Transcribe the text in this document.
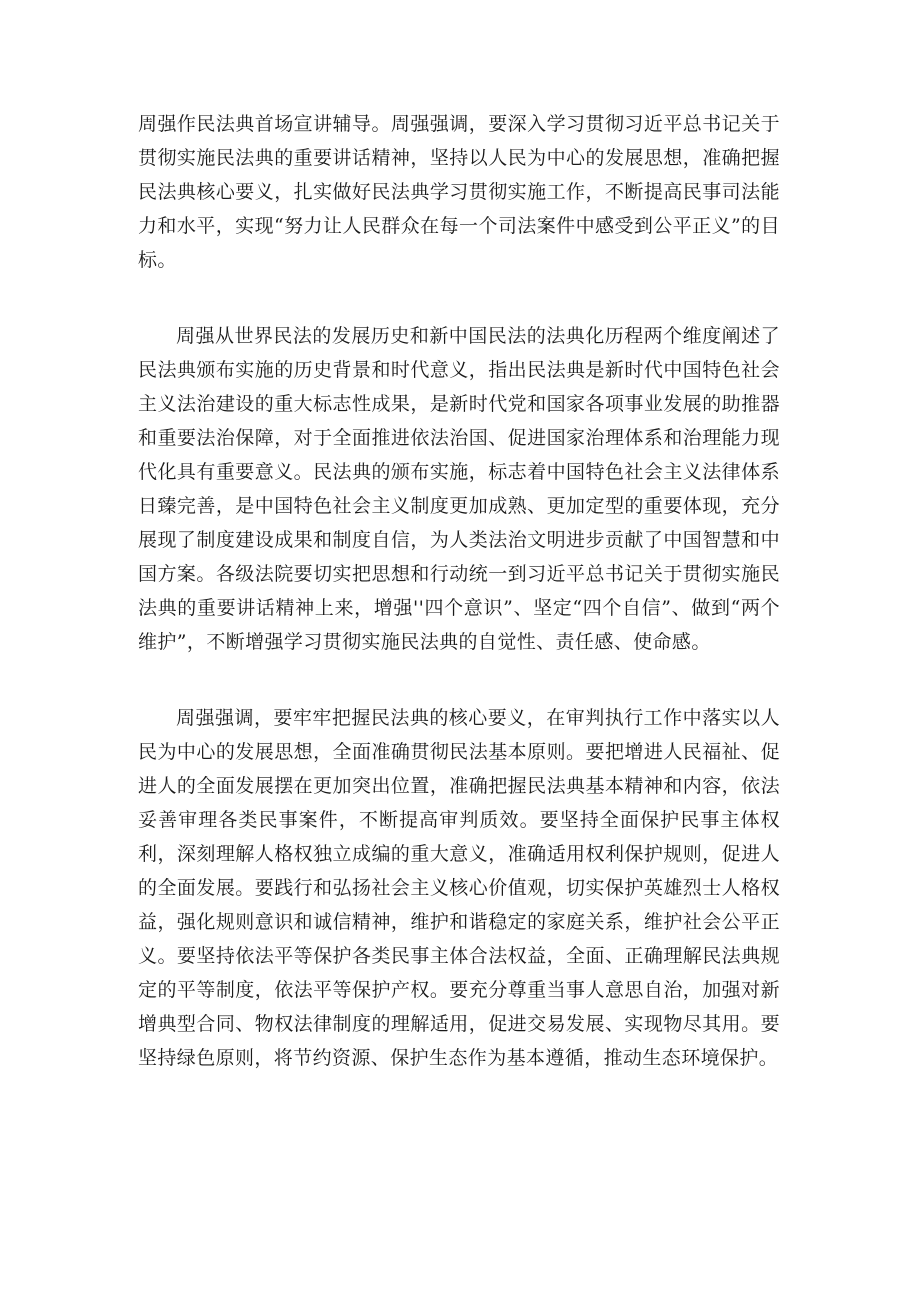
周强作民法典首场宣讲辅导。周强强调，要深入学习贯彻习近平总书记关于贯彻实施民法典的重要讲话精神，坚持以人民为中心的发展思想，准确把握民法典核心要义，扎实做好民法典学习贯彻实施工作，不断提高民事司法能力和水平，实现“努力让人民群众在每一个司法案件中感受到公平正义”的目标。

周强从世界民法的发展历史和新中国民法的法典化历程两个维度阐述了民法典颁布实施的历史背景和时代意义，指出民法典是新时代中国特色社会主义法治建设的重大标志性成果，是新时代党和国家各项事业发展的助推器和重要法治保障，对于全面推进依法治国、促进国家治理体系和治理能力现代化具有重要意义。民法典的颁布实施，标志着中国特色社会主义法律体系日臻完善，是中国特色社会主义制度更加成熟、更加定型的重要体现，充分展现了制度建设成果和制度自信，为人类法治文明进步贡献了中国智慧和中国方案。各级法院要切实把思想和行动统一到习近平总书记关于贯彻实施民法典的重要讲话精神上来，增强''四个意识”、坚定“四个自信”、做到“两个维护”，不断增强学习贯彻实施民法典的自觉性、责任感、使命感。

周强强调，要牢牢把握民法典的核心要义，在审判执行工作中落实以人民为中心的发展思想，全面准确贯彻民法基本原则。要把增进人民福祉、促进人的全面发展摆在更加突出位置，准确把握民法典基本精神和内容，依法妥善审理各类民事案件，不断提高审判质效。要坚持全面保护民事主体权利，深刻理解人格权独立成编的重大意义，准确适用权利保护规则，促进人的全面发展。要践行和弘扬社会主义核心价值观，切实保护英雄烈士人格权益，强化规则意识和诚信精神，维护和谐稳定的家庭关系，维护社会公平正义。要坚持依法平等保护各类民事主体合法权益，全面、正确理解民法典规定的平等制度，依法平等保护产权。要充分尊重当事人意思自治，加强对新增典型合同、物权法律制度的理解适用，促进交易发展、实现物尽其用。要坚持绿色原则，将节约资源、保护生态作为基本遵循，推动生态环境保护。
